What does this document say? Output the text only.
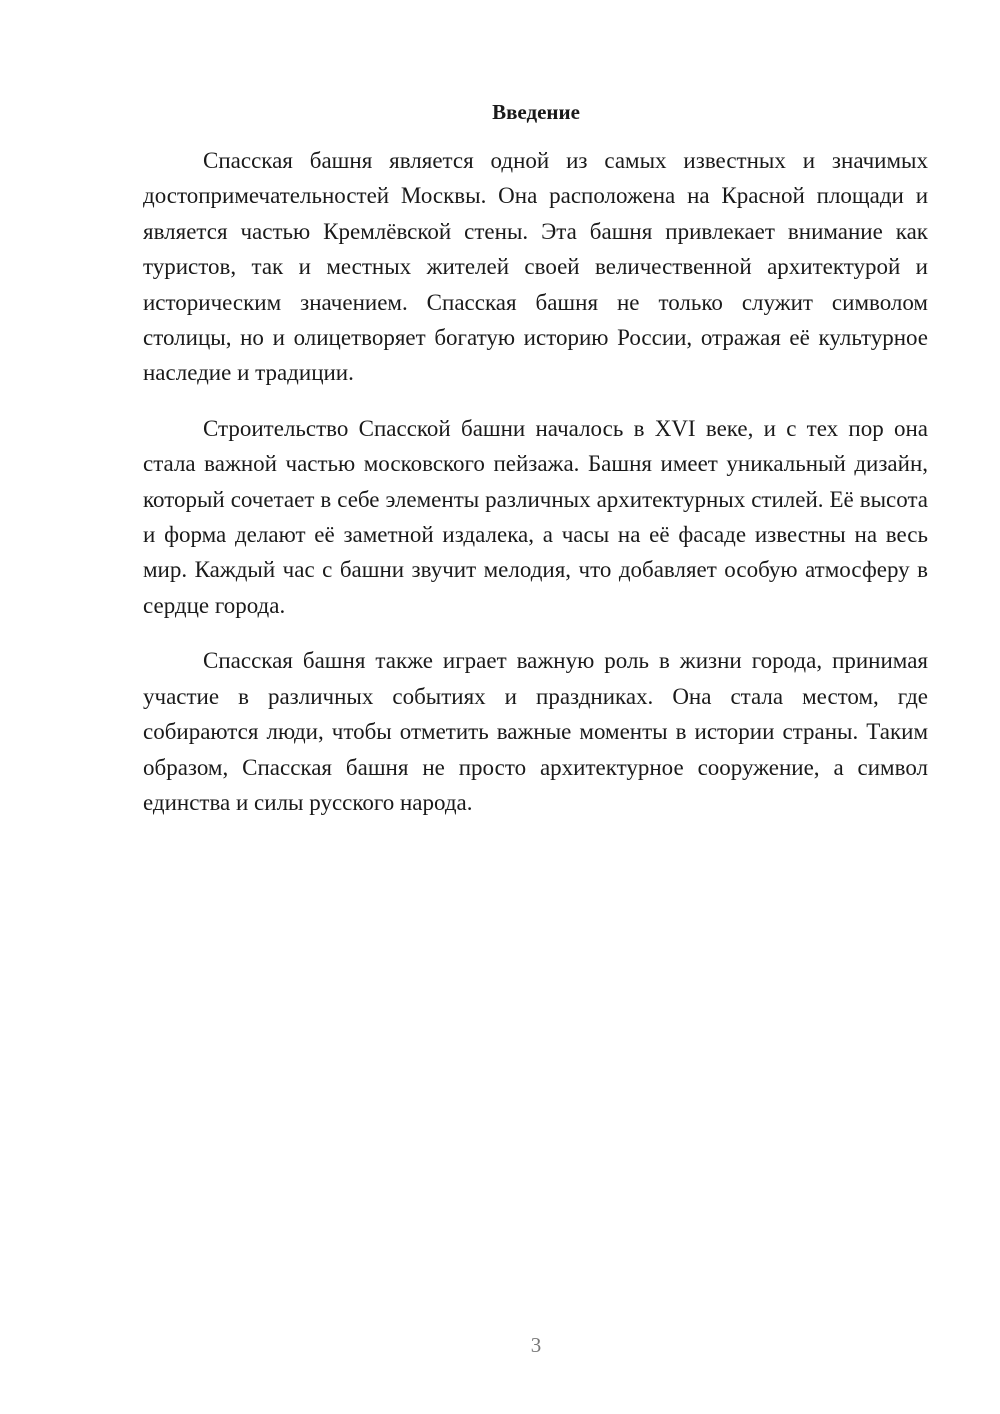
Введение

Спасская башня является одной из самых известных и значимых достопримечательностей Москвы. Она расположена на Красной площади и является частью Кремлёвской стены. Эта башня привлекает внимание как туристов, так и местных жителей своей величественной архитектурой и историческим значением. Спасская башня не только служит символом столицы, но и олицетворяет богатую историю России, отражая её культурное наследие и традиции.

Строительство Спасской башни началось в XVI веке, и с тех пор она стала важной частью московского пейзажа. Башня имеет уникальный дизайн, который сочетает в себе элементы различных архитектурных стилей. Её высота и форма делают её заметной издалека, а часы на её фасаде известны на весь мир. Каждый час с башни звучит мелодия, что добавляет особую атмосферу в сердце города.

Спасская башня также играет важную роль в жизни города, принимая участие в различных событиях и праздниках. Она стала местом, где собираются люди, чтобы отметить важные моменты в истории страны. Таким образом, Спасская башня не просто архитектурное сооружение, а символ единства и силы русского народа.

3
